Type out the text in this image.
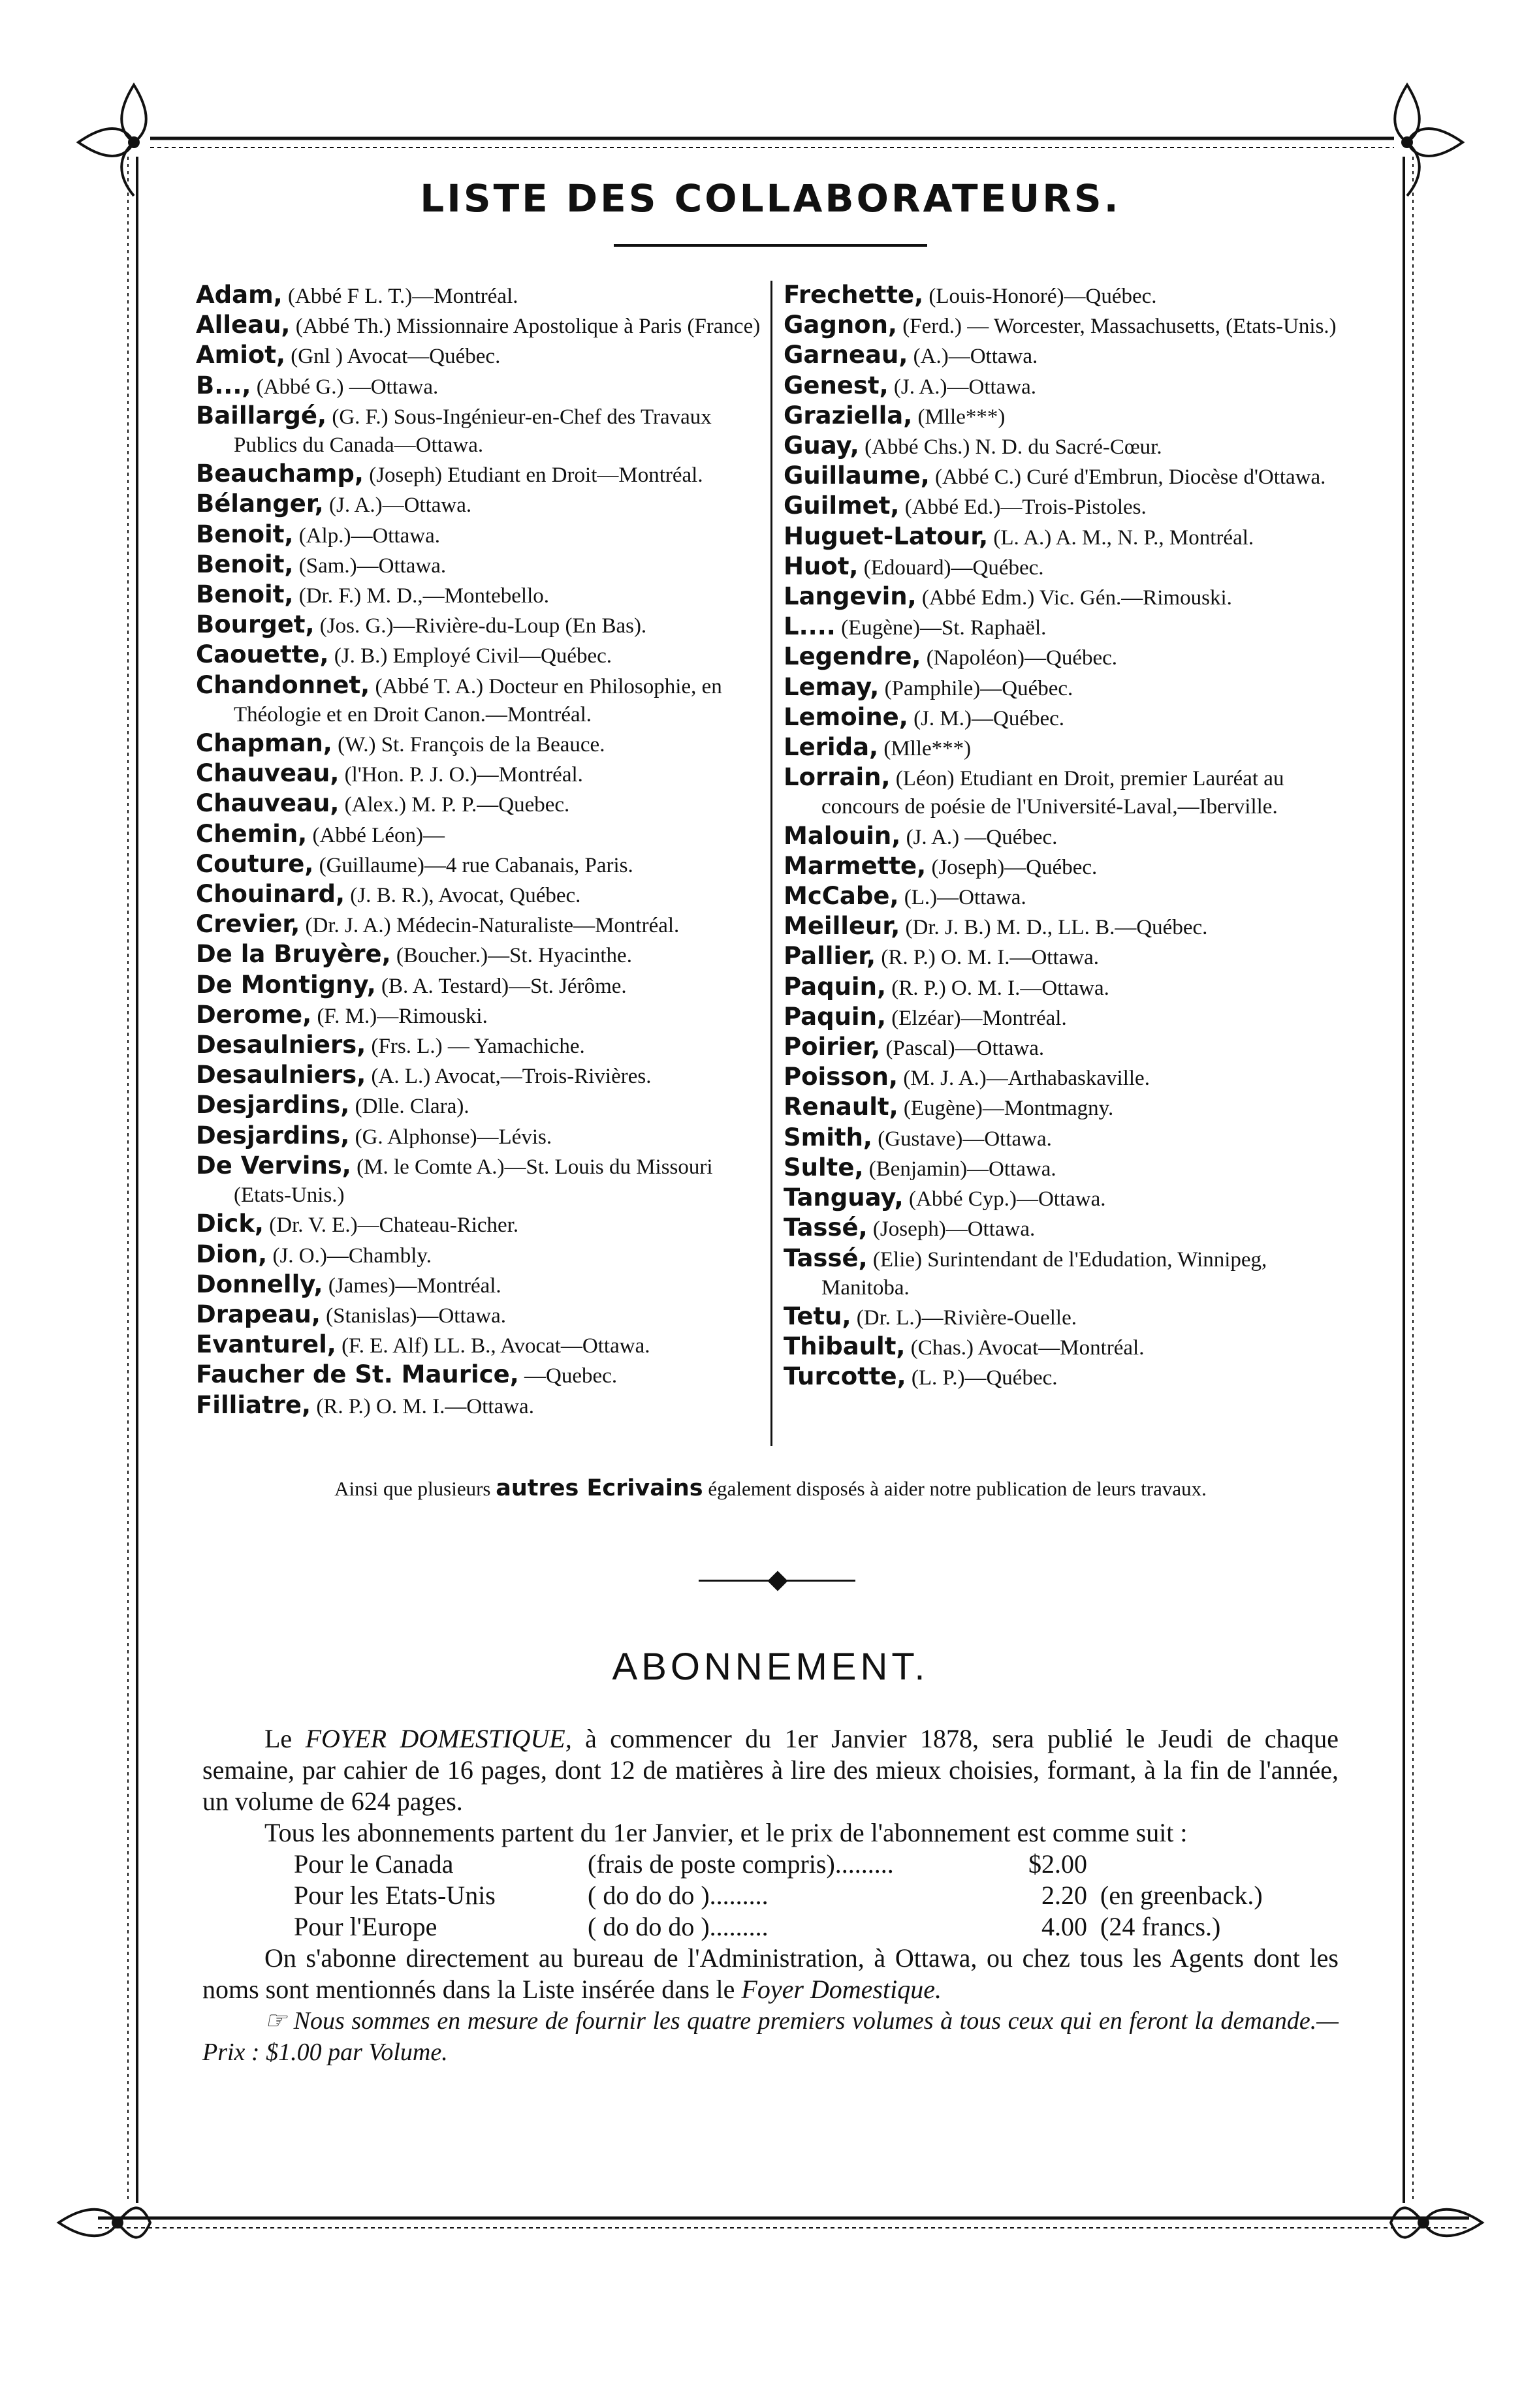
LISTE DES COLLABORATEURS.
Adam, (Abbé F L. T.)—Montréal.
Alleau, (Abbé Th.) Missionnaire Apostolique à Paris (France)
Amiot, (Gnl ) Avocat—Québec.
B..., (Abbé G.) —Ottawa.
Baillargé, (G. F.) Sous-Ingénieur-en-Chef des Travaux Publics du Canada—Ottawa.
Beauchamp, (Joseph) Etudiant en Droit—Montréal.
Bélanger, (J. A.)—Ottawa.
Benoit, (Alp.)—Ottawa.
Benoit, (Sam.)—Ottawa.
Benoit, (Dr. F.) M. D.,—Montebello.
Bourget, (Jos. G.)—Rivière-du-Loup (En Bas).
Caouette, (J. B.) Employé Civil—Québec.
Chandonnet, (Abbé T. A.) Docteur en Philosophie, en Théologie et en Droit Canon.—Montréal.
Chapman, (W.) St. François de la Beauce.
Chauveau, (l'Hon. P. J. O.)—Montréal.
Chauveau, (Alex.) M. P. P.—Quebec.
Chemin, (Abbé Léon)—
Couture, (Guillaume)—4 rue Cabanais, Paris.
Chouinard, (J. B. R.), Avocat, Québec.
Crevier, (Dr. J. A.) Médecin-Naturaliste—Montréal.
De la Bruyère, (Boucher.)—St. Hyacinthe.
De Montigny, (B. A. Testard)—St. Jérôme.
Derome, (F. M.)—Rimouski.
Desaulniers, (Frs. L.) — Yamachiche.
Desaulniers, (A. L.) Avocat,—Trois-Rivières.
Desjardins, (Dlle. Clara).
Desjardins, (G. Alphonse)—Lévis.
De Vervins, (M. le Comte A.)—St. Louis du Missouri (Etats-Unis.)
Dick, (Dr. V. E.)—Chateau-Richer.
Dion, (J. O.)—Chambly.
Donnelly, (James)—Montréal.
Drapeau, (Stanislas)—Ottawa.
Evanturel, (F. E. Alf) LL. B., Avocat—Ottawa.
Faucher de St. Maurice, —Quebec.
Filliatre, (R. P.) O. M. I.—Ottawa.
Frechette, (Louis-Honoré)—Québec.
Gagnon, (Ferd.) — Worcester, Massachusetts, (Etats-Unis.)
Garneau, (A.)—Ottawa.
Genest, (J. A.)—Ottawa.
Graziella, (Mlle***)
Guay, (Abbé Chs.) N. D. du Sacré-Cœur.
Guillaume, (Abbé C.) Curé d'Embrun, Diocèse d'Ottawa.
Guilmet, (Abbé Ed.)—Trois-Pistoles.
Huguet-Latour, (L. A.) A. M., N. P., Montréal.
Huot, (Edouard)—Québec.
Langevin, (Abbé Edm.) Vic. Gén.—Rimouski.
L.... (Eugène)—St. Raphaël.
Legendre, (Napoléon)—Québec.
Lemay, (Pamphile)—Québec.
Lemoine, (J. M.)—Québec.
Lerida, (Mlle***)
Lorrain, (Léon) Etudiant en Droit, premier Lauréat au concours de poésie de l'Université-Laval,—Iberville.
Malouin, (J. A.) —Québec.
Marmette, (Joseph)—Québec.
McCabe, (L.)—Ottawa.
Meilleur, (Dr. J. B.) M. D., LL. B.—Québec.
Pallier, (R. P.) O. M. I.—Ottawa.
Paquin, (R. P.) O. M. I.—Ottawa.
Paquin, (Elzéar)—Montréal.
Poirier, (Pascal)—Ottawa.
Poisson, (M. J. A.)—Arthabaskaville.
Renault, (Eugène)—Montmagny.
Smith, (Gustave)—Ottawa.
Sulte, (Benjamin)—Ottawa.
Tanguay, (Abbé Cyp.)—Ottawa.
Tassé, (Joseph)—Ottawa.
Tassé, (Elie) Surintendant de l'Edudation, Winnipeg, Manitoba.
Tetu, (Dr. L.)—Rivière-Ouelle.
Thibault, (Chas.) Avocat—Montréal.
Turcotte, (L. P.)—Québec.
Ainsi que plusieurs autres Ecrivains également disposés à aider notre publication de leurs travaux.
ABONNEMENT.

Le FOYER DOMESTIQUE, à commencer du 1er Janvier 1878, sera publié le Jeudi de chaque semaine, par cahier de 16 pages, dont 12 de matières à lire des mieux choisies, formant, à la fin de l'année, un volume de 624 pages.

Tous les abonnements partent du 1er Janvier, et le prix de l'abonnement est comme suit :

Pour le Canada	(frais de poste compris).........	$2.00
Pour les Etats-Unis	( do do do ).........	2.20 (en greenback.)
Pour l'Europe	( do do do ).........	4.00 (24 francs.)

On s'abonne directement au bureau de l'Administration, à Ottawa, ou chez tous les Agents dont les noms sont mentionnés dans la Liste insérée dans le Foyer Domestique.

☞ Nous sommes en mesure de fournir les quatre premiers volumes à tous ceux qui en feront la demande.—Prix : $1.00 par Volume.
